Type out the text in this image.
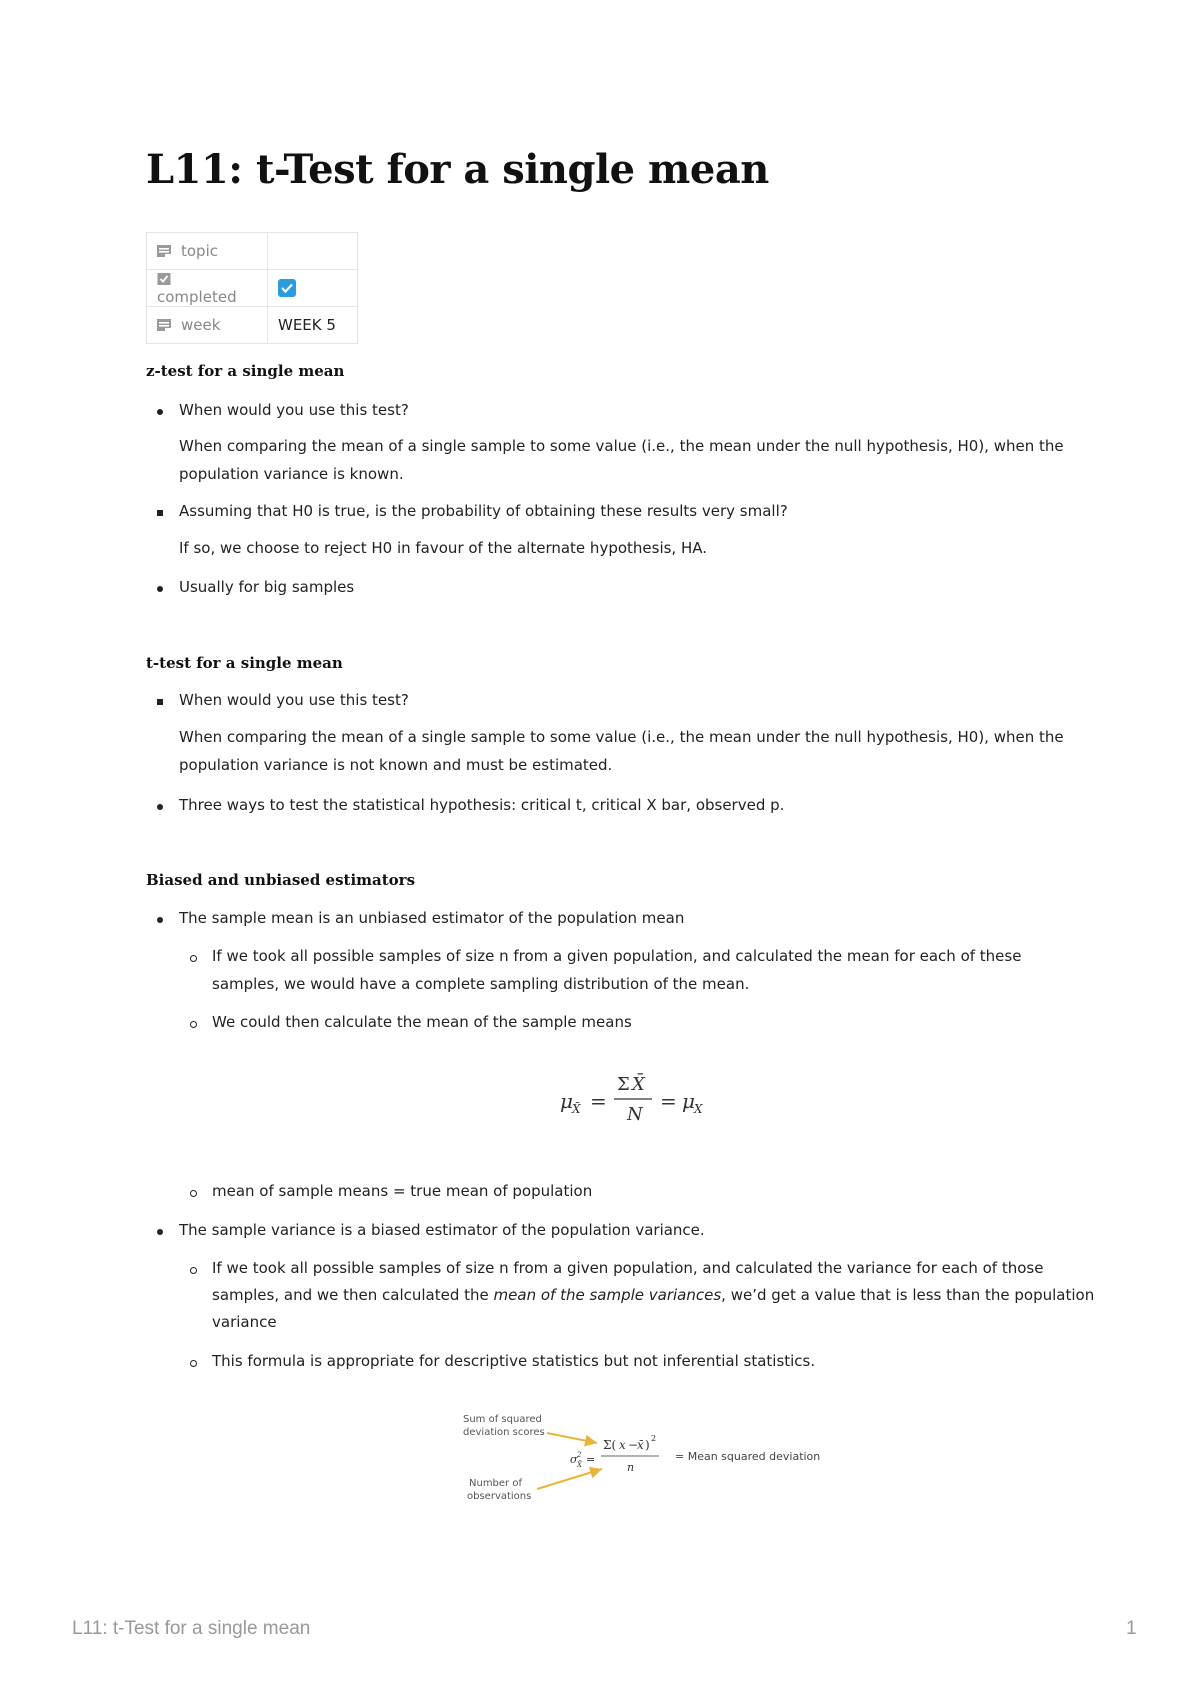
L11: t-Test for a single mean
topic	
completed	
week	WEEK 5
z-test for a single mean
When would you use this test?
When comparing the mean of a single sample to some value (i.e., the mean under the null hypothesis, H0), when the
population variance is known.
Assuming that H0 is true, is the probability of obtaining these results very small?
If so, we choose to reject H0 in favour of the alternate hypothesis, HA.
Usually for big samples
t-test for a single mean
When would you use this test?
When comparing the mean of a single sample to some value (i.e., the mean under the null hypothesis, H0), when the
population variance is not known and must be estimated.
Three ways to test the statistical hypothesis: critical t, critical X bar, observed p.
Biased and unbiased estimators
The sample mean is an unbiased estimator of the population mean
If we took all possible samples of size n from a given population, and calculated the mean for each of these
samples, we would have a complete sampling distribution of the mean.
We could then calculate the mean of the sample means
μ X̄ =
Σ X̄
N
= μ X
mean of sample means = true mean of population
The sample variance is a biased estimator of the population variance.
If we took all possible samples of size n from a given population, and calculated the variance for each of those
samples, and we then calculated the mean of the sample variances, we’d get a value that is less than the population
variance
This formula is appropriate for descriptive statistics but not inferential statistics.
Sum of squared
deviation scores
Number of
observations
= Mean squared deviation
σ 2
X̄ =
Σ( x −
x̄ ) 2
n
L11: t-Test for a single mean	1
